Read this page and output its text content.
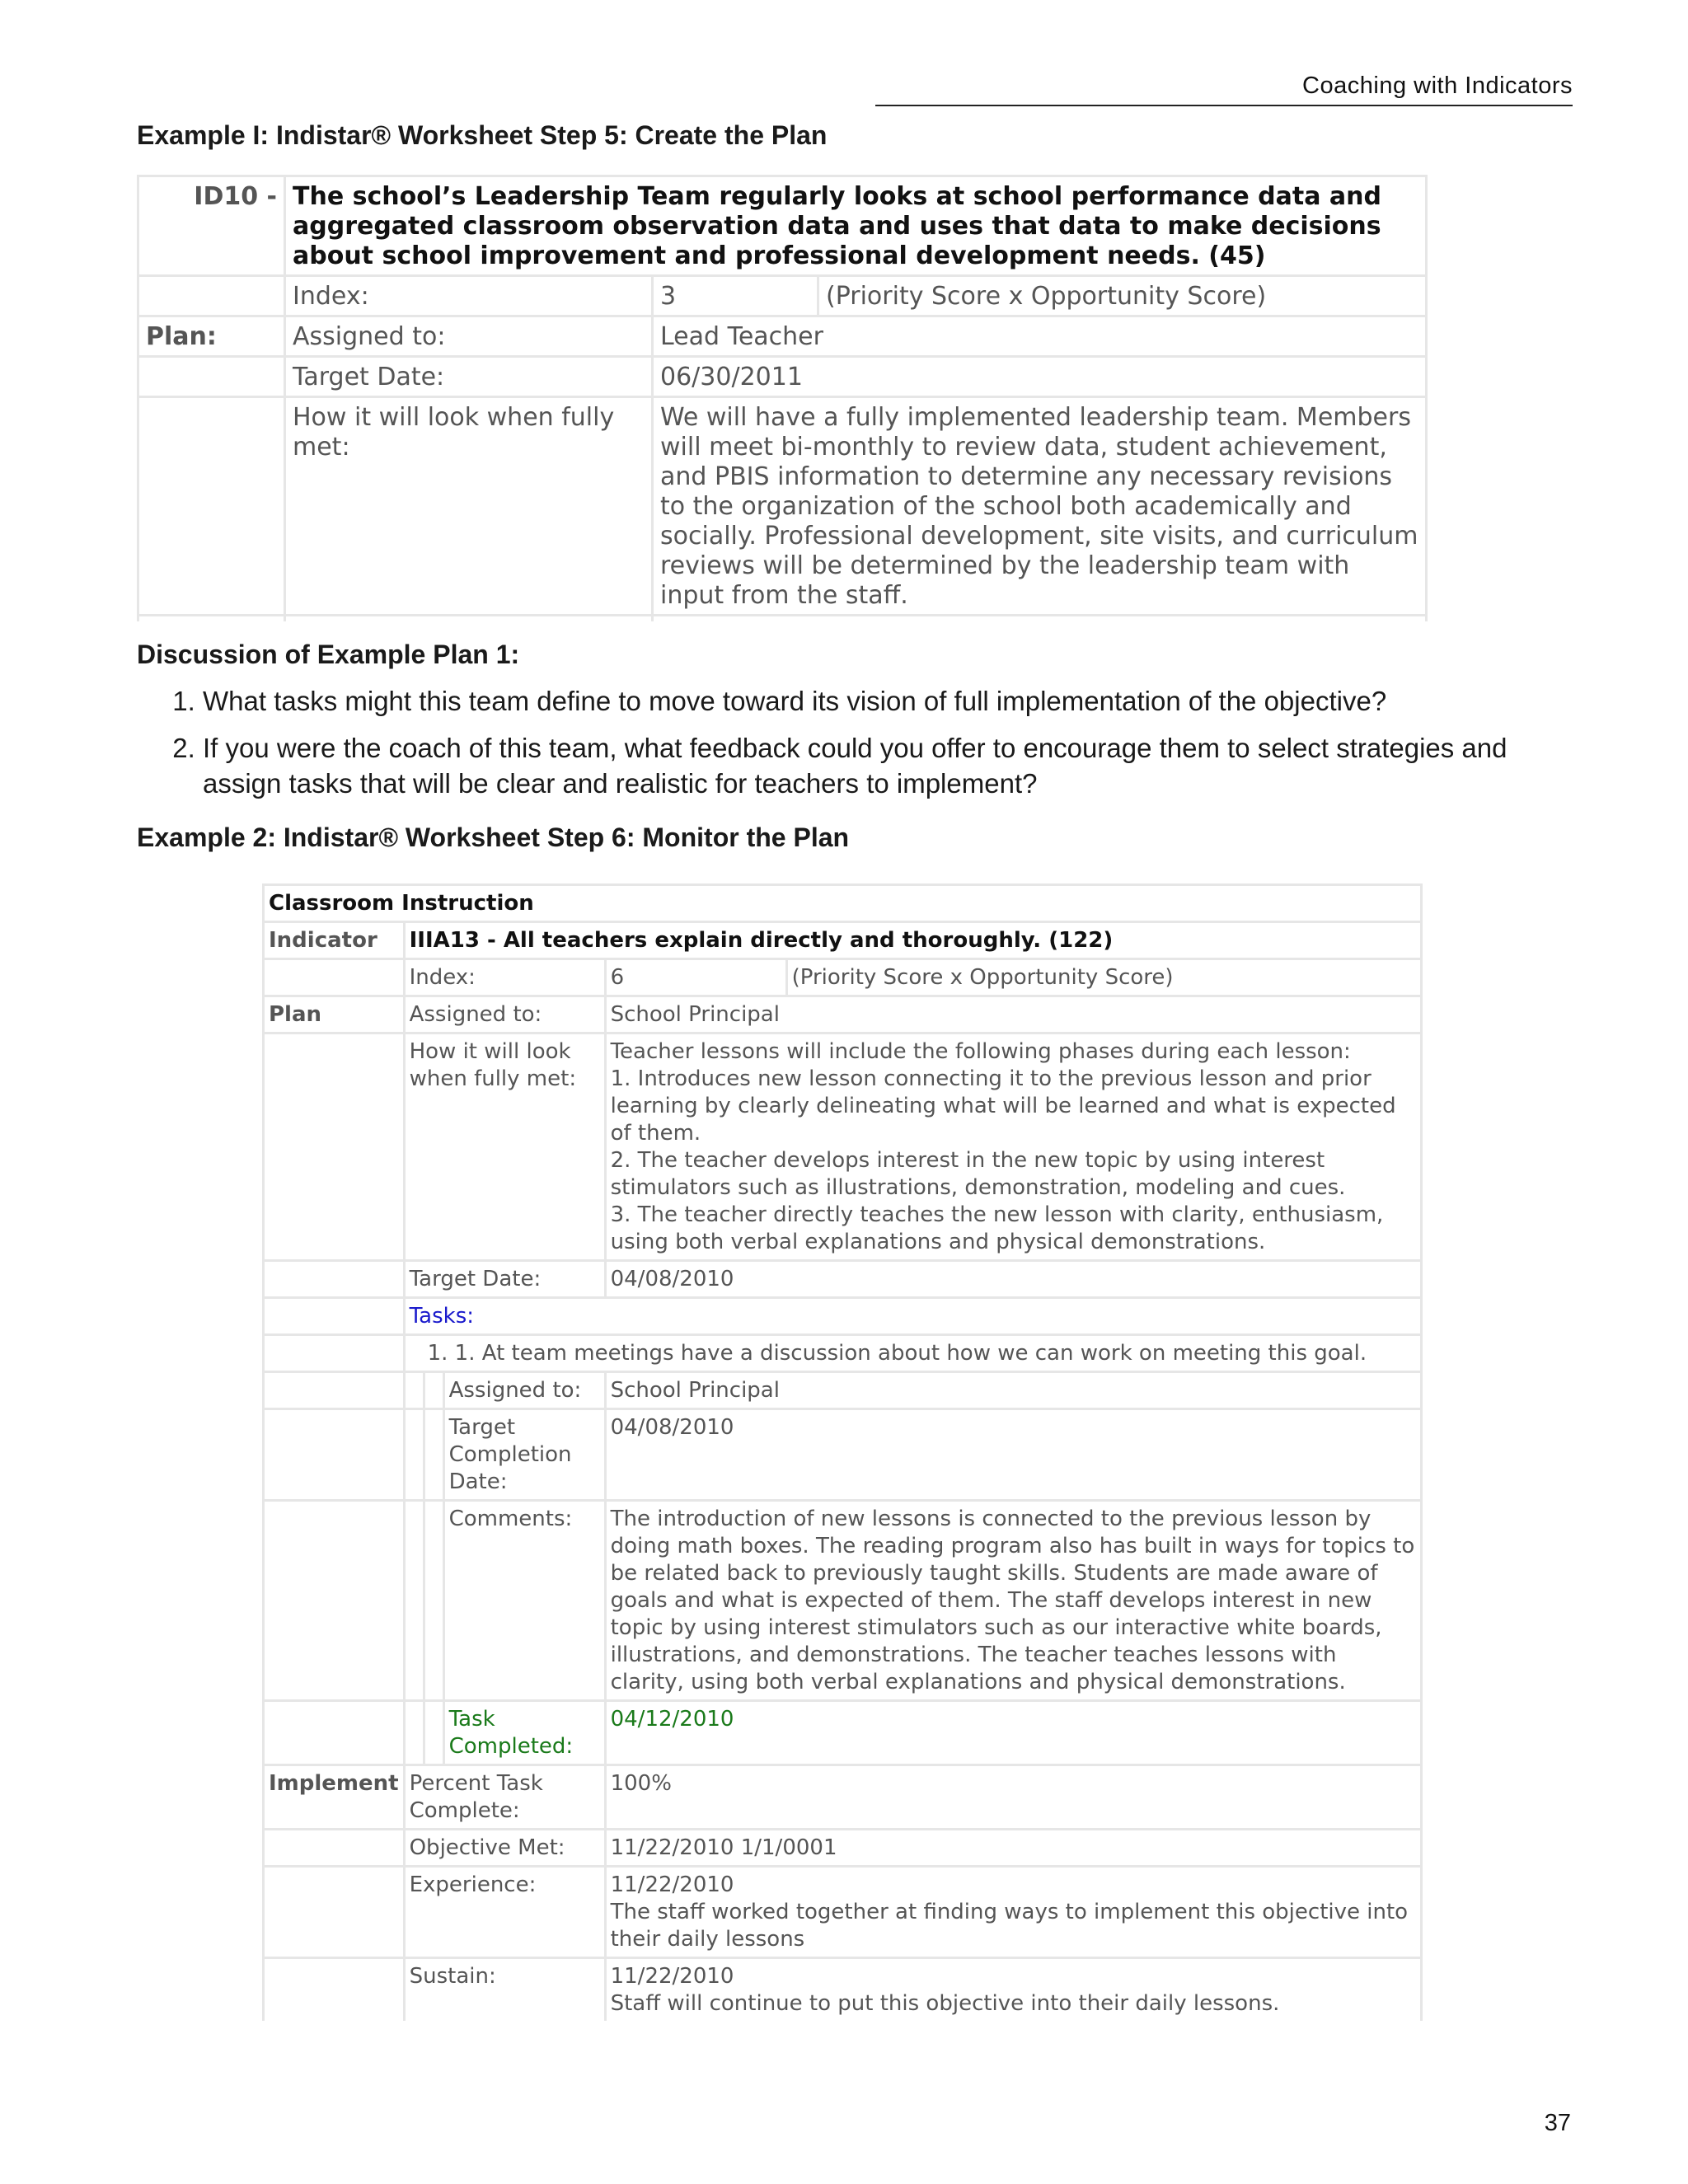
Coaching with Indicators
Example I: Indistar® Worksheet Step 5: Create the Plan
ID10 -	The school’s Leadership Team regularly looks at school performance data and aggregated classroom observation data and uses that data to make decisions about school improvement and professional development needs. (45)		
	Index:	3	(Priority Score x Opportunity Score)
Plan:	Assigned to:	Lead Teacher	
	Target Date:	06/30/2011	
	How it will look when fully met:	We will have a fully implemented leadership team. Members will meet bi-monthly to review data, student achievement, and PBIS information to determine any necessary revisions to the organization of the school both academically and socially. Professional development, site visits, and curriculum reviews will be determined by the leadership team with input from the staff.	

Discussion of Example Plan 1:
1. What tasks might this team define to move toward its vision of full implementation of the objective?
2. If you were the coach of this team, what feedback could you offer to encourage them to select strategies and assign tasks that will be clear and realistic for teachers to implement?
Example 2: Indistar® Worksheet Step 6: Monitor the Plan
Classroom Instruction					
Indicator	IIIA13 - All teachers explain directly and thoroughly. (122)				
	Index:			6	(Priority Score x Opportunity Score)
Plan	Assigned to:			School Principal	
	How it will look when fully met:			Teacher lessons will include the following phases during each lesson:
1. Introduces new lesson connecting it to the previous lesson and prior learning by clearly delineating what will be learned and what is expected of them.
2. The teacher develops interest in the new topic by using interest stimulators such as illustrations, demonstration, modeling and cues.
3. The teacher directly teaches the new lesson with clarity, enthusiasm, using both verbal explanations and physical demonstrations.	
	Target Date:			04/08/2010	
	Tasks:				
	1. 1. At team meetings have a discussion about how we can work on meeting this goal.				
			Assigned to:	School Principal	
			Target Completion Date:	04/08/2010	
			Comments:	The introduction of new lessons is connected to the previous lesson by doing math boxes. The reading program also has built in ways for topics to be related back to previously taught skills. Students are made aware of goals and what is expected of them. The staff develops interest in new topic by using interest stimulators such as our interactive white boards, illustrations, and demonstrations. The teacher teaches lessons with clarity, using both verbal explanations and physical demonstrations.	
			Task Completed:	04/12/2010	
Implement	Percent Task Complete:			100%	
	Objective Met:			11/22/2010 1/1/0001	
	Experience:			11/22/2010
The staff worked together at finding ways to implement this objective into their daily lessons	
	Sustain:			11/22/2010
Staff will continue to put this objective into their daily lessons.	
37
